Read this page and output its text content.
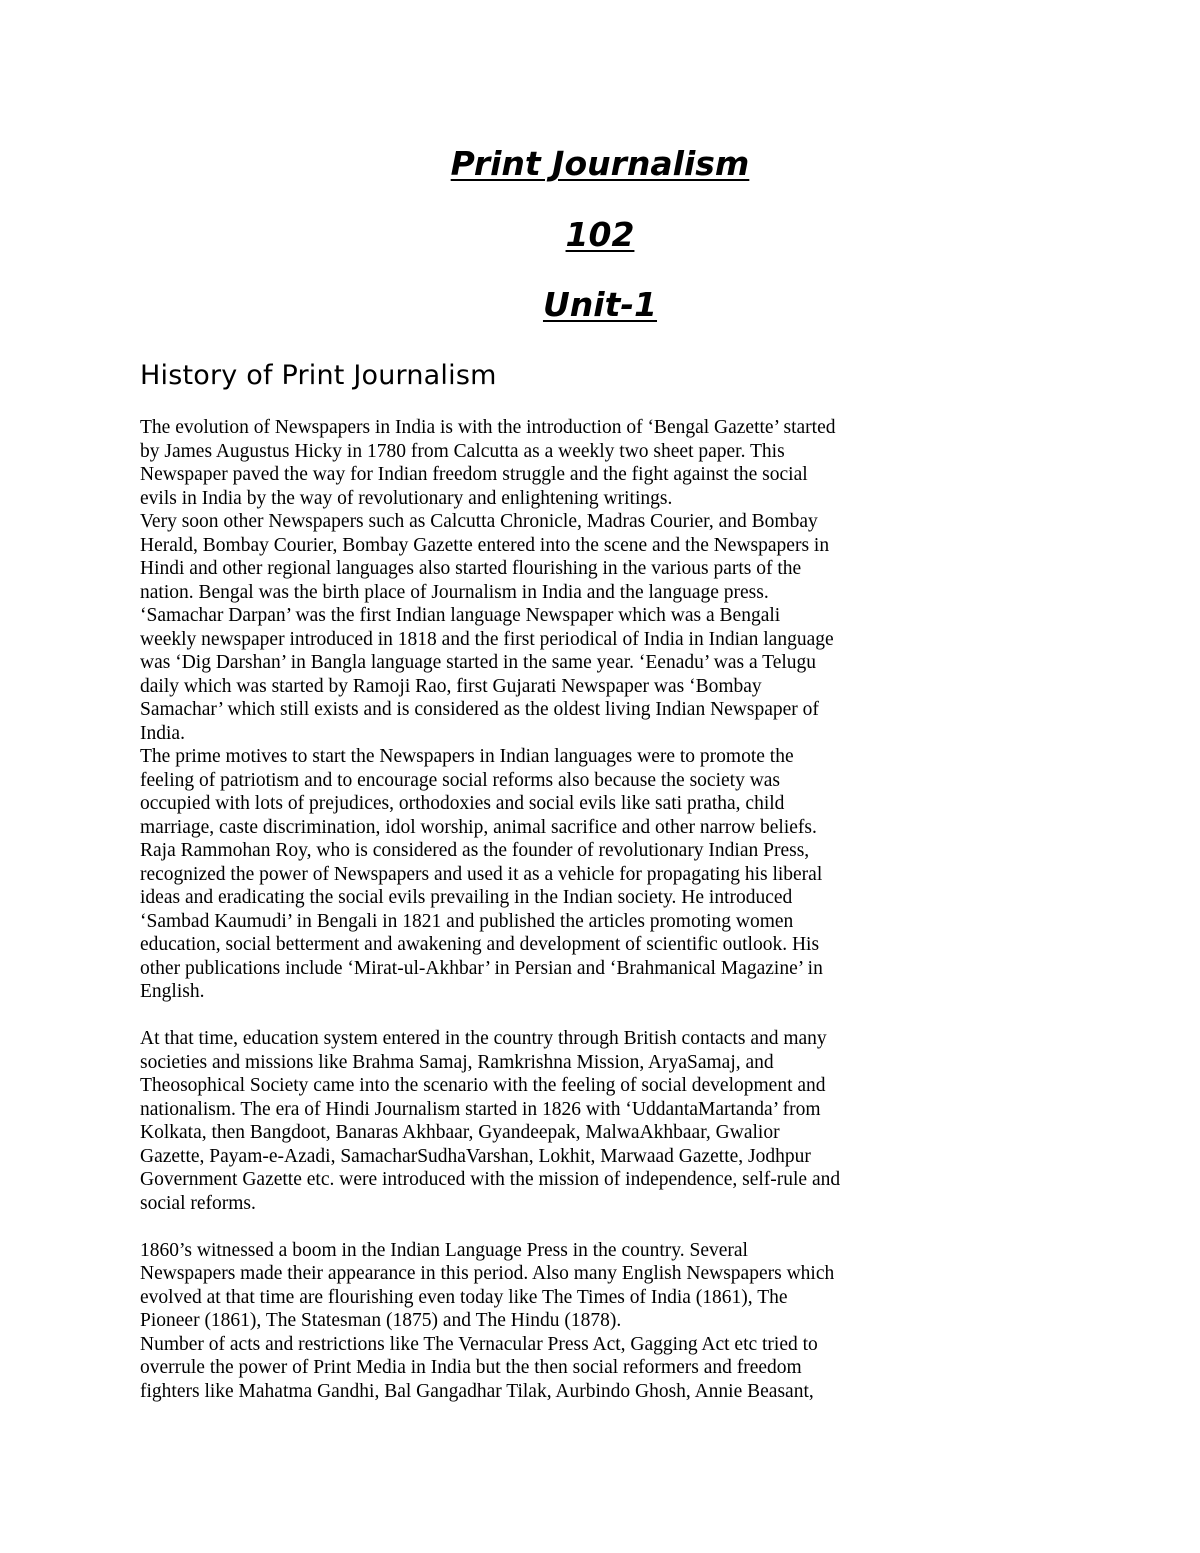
Print Journalism
102
Unit-1
History of Print Journalism

The evolution of Newspapers in India is with the introduction of ‘Bengal Gazette’ started
by James Augustus Hicky in 1780 from Calcutta as a weekly two sheet paper. This
Newspaper paved the way for Indian freedom struggle and the fight against the social
evils in India by the way of revolutionary and enlightening writings.

Very soon other Newspapers such as Calcutta Chronicle, Madras Courier, and Bombay
Herald, Bombay Courier, Bombay Gazette entered into the scene and the Newspapers in
Hindi and other regional languages also started flourishing in the various parts of the
nation. Bengal was the birth place of Journalism in India and the language press.
‘Samachar Darpan’ was the first Indian language Newspaper which was a Bengali
weekly newspaper introduced in 1818 and the first periodical of India in Indian language
was ‘Dig Darshan’ in Bangla language started in the same year. ‘Eenadu’ was a Telugu
daily which was started by Ramoji Rao, first Gujarati Newspaper was ‘Bombay
Samachar’ which still exists and is considered as the oldest living Indian Newspaper of
India.

The prime motives to start the Newspapers in Indian languages were to promote the
feeling of patriotism and to encourage social reforms also because the society was
occupied with lots of prejudices, orthodoxies and social evils like sati pratha, child
marriage, caste discrimination, idol worship, animal sacrifice and other narrow beliefs.
Raja Rammohan Roy, who is considered as the founder of revolutionary Indian Press,
recognized the power of Newspapers and used it as a vehicle for propagating his liberal
ideas and eradicating the social evils prevailing in the Indian society. He introduced
‘Sambad Kaumudi’ in Bengali in 1821 and published the articles promoting women
education, social betterment and awakening and development of scientific outlook. His
other publications include ‘Mirat-ul-Akhbar’ in Persian and ‘Brahmanical Magazine’ in
English.

At that time, education system entered in the country through British contacts and many
societies and missions like Brahma Samaj, Ramkrishna Mission, AryaSamaj, and
Theosophical Society came into the scenario with the feeling of social development and
nationalism. The era of Hindi Journalism started in 1826 with ‘UddantaMartanda’ from
Kolkata, then Bangdoot, Banaras Akhbaar, Gyandeepak, MalwaAkhbaar, Gwalior
Gazette, Payam-e-Azadi, SamacharSudhaVarshan, Lokhit, Marwaad Gazette, Jodhpur
Government Gazette etc. were introduced with the mission of independence, self-rule and
social reforms.

1860’s witnessed a boom in the Indian Language Press in the country. Several
Newspapers made their appearance in this period. Also many English Newspapers which
evolved at that time are flourishing even today like The Times of India (1861), The
Pioneer (1861), The Statesman (1875) and The Hindu (1878).

Number of acts and restrictions like The Vernacular Press Act, Gagging Act etc tried to
overrule the power of Print Media in India but the then social reformers and freedom
fighters like Mahatma Gandhi, Bal Gangadhar Tilak, Aurbindo Ghosh, Annie Beasant,
